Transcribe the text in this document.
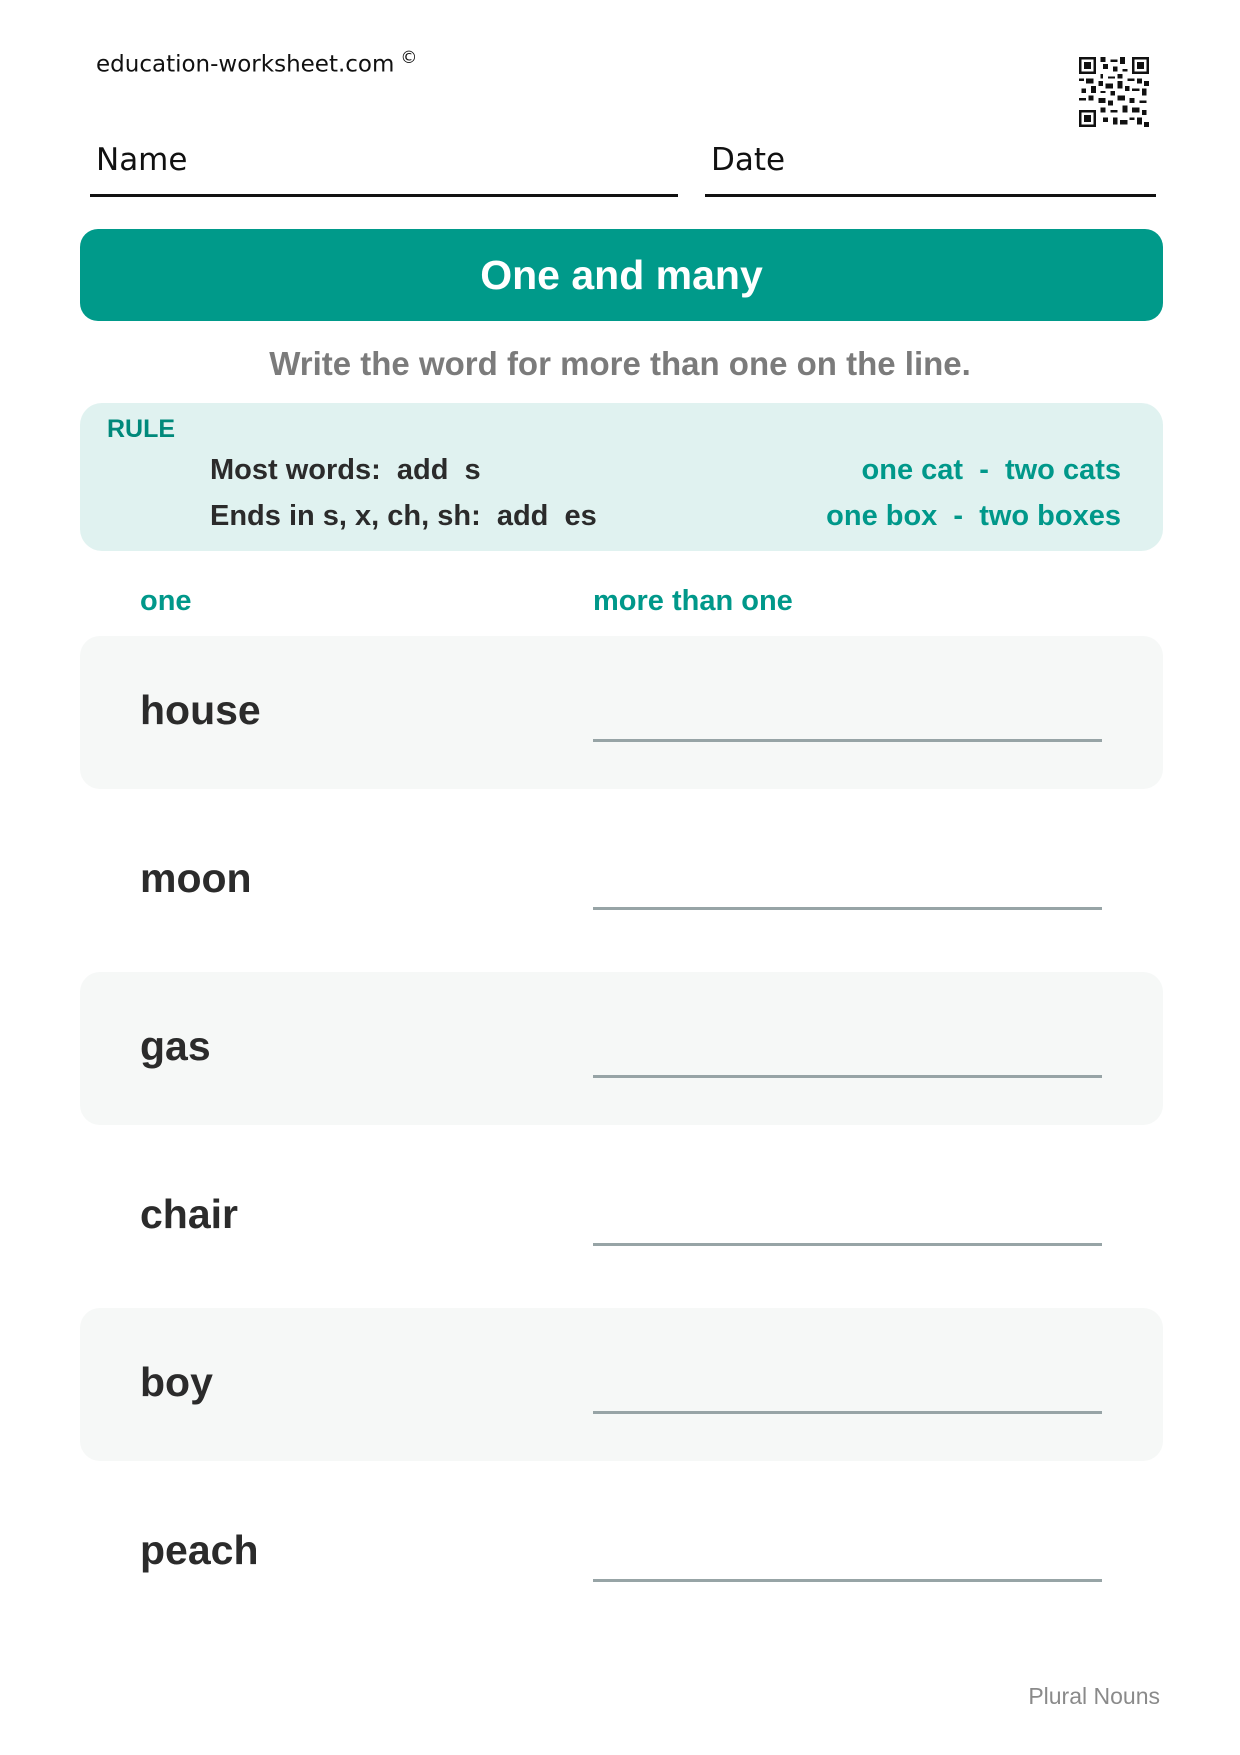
education-worksheet.com ©
Name	Date
One and many
Write the word for more than one on the line.
RULE
Most words:  add  s	one cat  -  two cats
Ends in s, x, ch, sh:  add  es	one box  -  two boxes
one	more than one
house
moon
gas
chair
boy
peach
Plural Nouns
